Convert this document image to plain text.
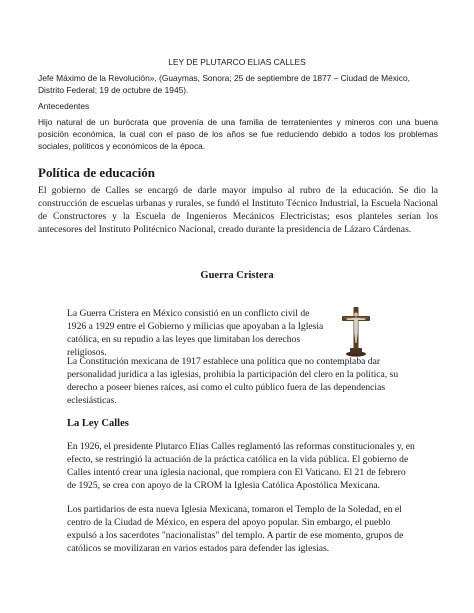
LEY DE PLUTARCO ELIAS CALLES

Jefe Máximo de la Revolución», (Guaymas, Sonora; 25 de septiembre de 1877 – Ciudad de México, Distrito Federal; 19 de octubre de 1945).

Antecedentes

Hijo natural de un burócrata que provenía de una familia de terratenientes y mineros con una buena posición económica, la cual con el paso de los años se fue reduciendo debido a todos los problemas sociales, políticos y económicos de la época.

Política de educación

El gobierno de Calles se encargó de darle mayor impulso al rubro de la educación. Se dio la construcción de escuelas urbanas y rurales, se fundó el Instituto Técnico Industrial, la Escuela Nacional de Constructores y la Escuela de Ingenieros Mecánicos Electricistas; esos planteles serían los antecesores del Instituto Politécnico Nacional, creado durante la presidencia de Lázaro Cárdenas.

Guerra Cristera

La Guerra Cristera en México consistió en un conflicto civil de 1926 a 1929 entre el Gobierno y milicias que apoyaban a la Iglesia católica, en su repudio a las leyes que limitaban los derechos religiosos.

La Constitución mexicana de 1917 establece una política que no contemplaba dar personalidad jurídica a las iglesias, prohibía la participación del clero en la política, su derecho a poseer bienes raíces, así como el culto público fuera de las dependencias eclesiásticas.

La Ley Calles

En 1926, el presidente Plutarco Elías Calles reglamentó las reformas constitucionales y, en efecto, se restringió la actuación de la práctica católica en la vida pública. El gobierno de Calles intentó crear una iglesia nacional, que rompiera con El Vaticano. El 21 de febrero de 1925, se crea con apoyo de la CROM la Iglesia Católica Apostólica Mexicana.

Los partidarios de esta nueva Iglesia Mexicana, tomaron el Templo de la Soledad, en el centro de la Ciudad de México, en espera del apoyo popular. Sin embargo, el pueblo expulsó a los sacerdotes "nacionalistas" del templo. A partir de ese momento, grupos de católicos se movilizaran en varios estados para defender las iglesias.
